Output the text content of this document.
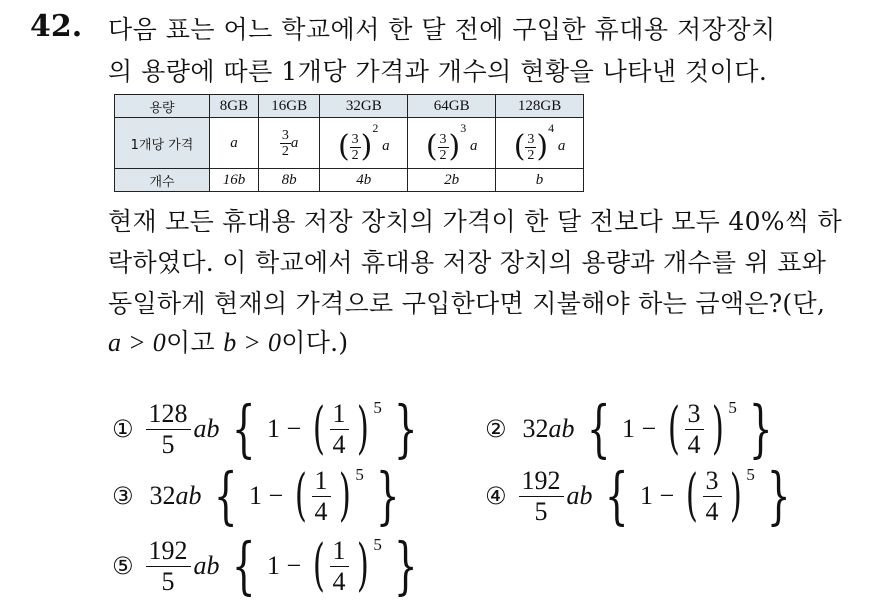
42. 다음 표는 어느 학교에서 한 달 전에 구입한 휴대용 저장장치
의 용량에 따른 1개당 가격과 개수의 현황을 나타낸 것이다.
용량	8GB	16GB	32GB	64GB	128GB
1개당 가격	a	$\frac{3}{2}$ a	( $\frac{3}{2} )^2$ a	( $\frac{3}{2} )^3$ a	( $\frac{3}{2} )^4$ a
개수	16b	8b	4b	2b	b
현재 모든 휴대용 저장 장치의 가격이 한 달 전보다 모두 40%씩 하
락하였다. 이 학교에서 휴대용 저장 장치의 용량과 개수를 위 표와
동일하게 현재의 가격으로 구입한다면 지불해야 하는 금액은?(단,
a > 0이고 b > 0이다.)
① $\frac{128}{5}$ ab { 1
−
( $\frac{1}{4}$ ) 5 }	② 32 ab { 1
−
( $\frac{3}{4}$ ) 5 }
③ 32 ab { 1
−
( $\frac{1}{4}$ ) 5 }	④ $\frac{192}{5}$ ab { 1
−
( $\frac{3}{4}$ ) 5 }
⑤ $\frac{192}{5}$ ab { 1
−
( $\frac{1}{4}$ ) 5 }
